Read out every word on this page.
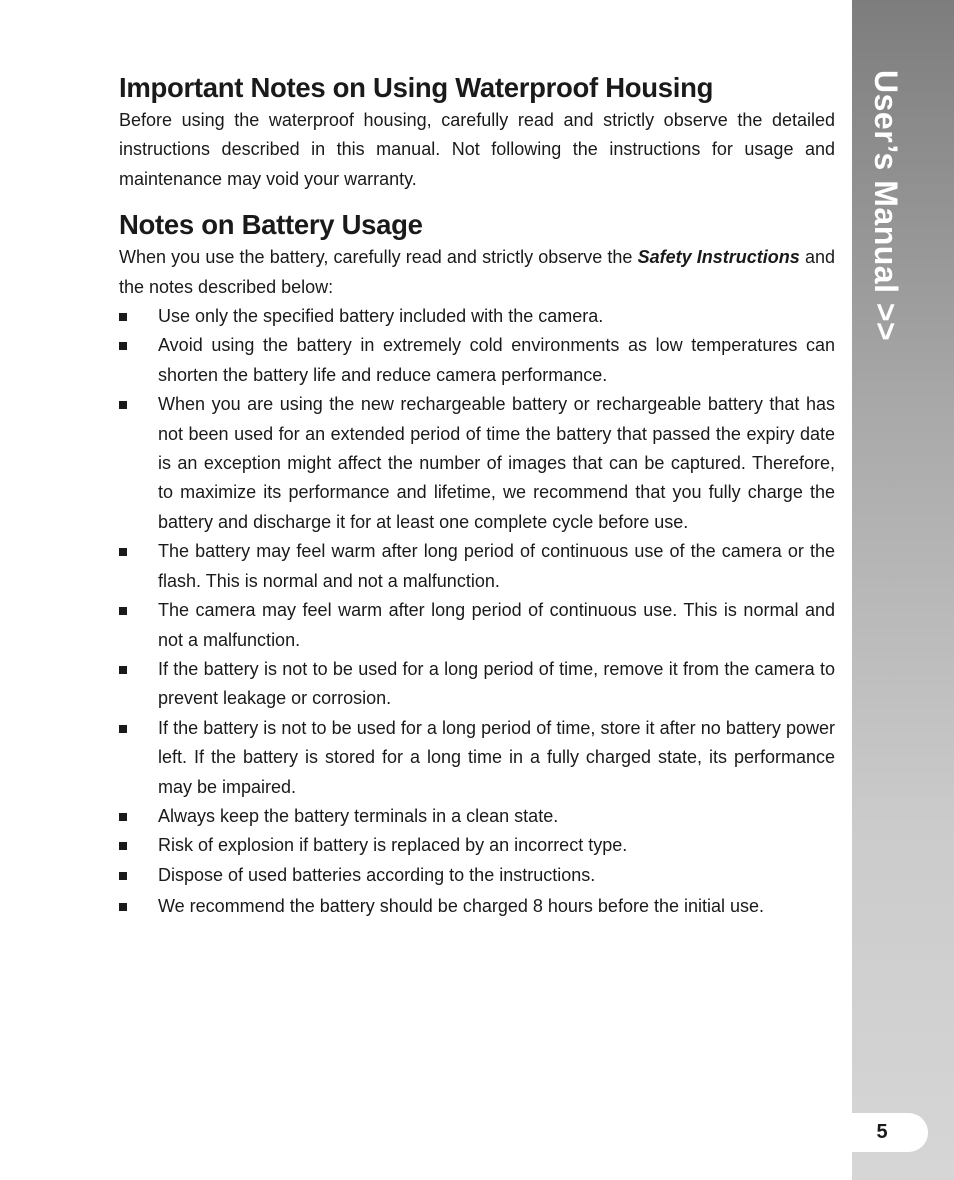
User’s Manual >>
5
Important Notes on Using Waterproof Housing

Before using the waterproof housing, carefully read and strictly observe the detailed instructions described in this manual. Not following the instructions for usage and maintenance may void your warranty.

Notes on Battery Usage

When you use the battery, carefully read and strictly observe the Safety Instructions and the notes described below:

Use only the specified battery included with the camera.
Avoid using the battery in extremely cold environments as low temperatures can shorten the battery life and reduce camera performance.
When you are using the new rechargeable battery or rechargeable battery that has not been used for an extended period of time the battery that passed the expiry date is an exception might affect the number of images that can be captured. Therefore, to maximize its performance and lifetime, we recommend that you fully charge the battery and discharge it for at least one complete cycle before use.
The battery may feel warm after long period of continuous use of the camera or the flash. This is normal and not a malfunction.
The camera may feel warm after long period of continuous use. This is normal and not a malfunction.
If the battery is not to be used for a long period of time, remove it from the camera to prevent leakage or corrosion.
If the battery is not to be used for a long period of time, store it after no battery power left. If the battery is stored for a long time in a fully charged state, its performance may be impaired.
Always keep the battery terminals in a clean state.
Risk of explosion if battery is replaced by an incorrect type.
Dispose of used batteries according to the instructions.
We recommend the battery should be charged 8 hours before the initial use.
